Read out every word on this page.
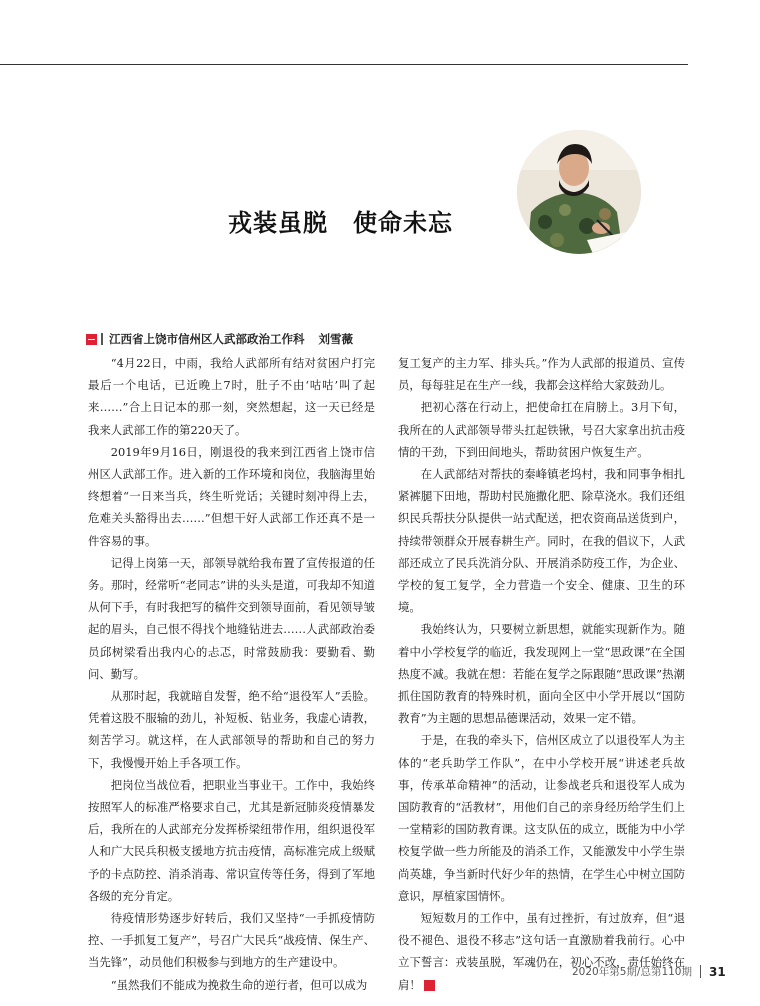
戎装虽脱　使命未忘
江西省上饶市信州区人武部政治工作科 刘雪薇

“4月22日，中雨，我给人武部所有结对贫困户打完最后一个电话，已近晚上7时，肚子不由‘咕咕’叫了起来……”合上日记本的那一刻，突然想起，这一天已经是我来人武部工作的第220天了。

2019年9月16日，刚退役的我来到江西省上饶市信州区人武部工作。进入新的工作环境和岗位，我脑海里始终想着“一日来当兵，终生听党话；关键时刻冲得上去，危难关头豁得出去……”但想干好人武部工作还真不是一件容易的事。

记得上岗第一天，部领导就给我布置了宣传报道的任务。那时，经常听“老同志”讲的头头是道，可我却不知道从何下手，有时我把写的稿件交到领导面前，看见领导皱起的眉头，自己恨不得找个地缝钻进去……人武部政治委员邱树梁看出我内心的忐忑，时常鼓励我：要勤看、勤问、勤写。

从那时起，我就暗自发誓，绝不给“退役军人”丢脸。凭着这股不服输的劲儿，补短板、钻业务，我虚心请教，刻苦学习。就这样，在人武部领导的帮助和自己的努力下，我慢慢开始上手各项工作。

把岗位当战位看，把职业当事业干。工作中，我始终按照军人的标准严格要求自己，尤其是新冠肺炎疫情暴发后，我所在的人武部充分发挥桥梁纽带作用，组织退役军人和广大民兵积极支援地方抗击疫情，高标准完成上级赋予的卡点防控、消杀消毒、常识宣传等任务，得到了军地各级的充分肯定。

待疫情形势逐步好转后，我们又坚持“一手抓疫情防控、一手抓复工复产”，号召广大民兵“战疫情、保生产、当先锋”，动员他们积极参与到地方的生产建设中。

“虽然我们不能成为挽救生命的逆行者，但可以成为

复工复产的主力军、排头兵。”作为人武部的报道员、宣传员，每每驻足在生产一线，我都会这样给大家鼓劲儿。

把初心落在行动上，把使命扛在肩膀上。3月下旬，我所在的人武部领导带头扛起铁锹，号召大家拿出抗击疫情的干劲，下到田间地头，帮助贫困户恢复生产。

在人武部结对帮扶的秦峰镇老坞村，我和同事争相扎紧裤腿下田地，帮助村民施撒化肥、除草浇水。我们还组织民兵帮扶分队提供一站式配送，把农资商品送货到户，持续带领群众开展春耕生产。同时，在我的倡议下，人武部还成立了民兵洗消分队、开展消杀防疫工作，为企业、学校的复工复学，全力营造一个安全、健康、卫生的环境。

我始终认为，只要树立新思想，就能实现新作为。随着中小学校复学的临近，我发现网上一堂“思政课”在全国热度不减。我就在想：若能在复学之际跟随“思政课”热潮抓住国防教育的特殊时机，面向全区中小学开展以“国防教育”为主题的思想品德课活动，效果一定不错。

于是，在我的牵头下，信州区成立了以退役军人为主体的“老兵助学工作队”，在中小学校开展“讲述老兵故事，传承革命精神”的活动，让参战老兵和退役军人成为国防教育的“活教材”，用他们自己的亲身经历给学生们上一堂精彩的国防教育课。这支队伍的成立，既能为中小学校复学做一些力所能及的消杀工作，又能激发中小学生崇尚英雄，争当新时代好少年的热情，在学生心中树立国防意识，厚植家国情怀。

短短数月的工作中，虽有过挫折，有过放弃，但“退役不褪色、退役不移志”这句话一直激励着我前行。心中立下誓言：戎装虽脱，军魂仍在，初心不改，责任始终在肩！	G

2020年第5期/总第110期 31
